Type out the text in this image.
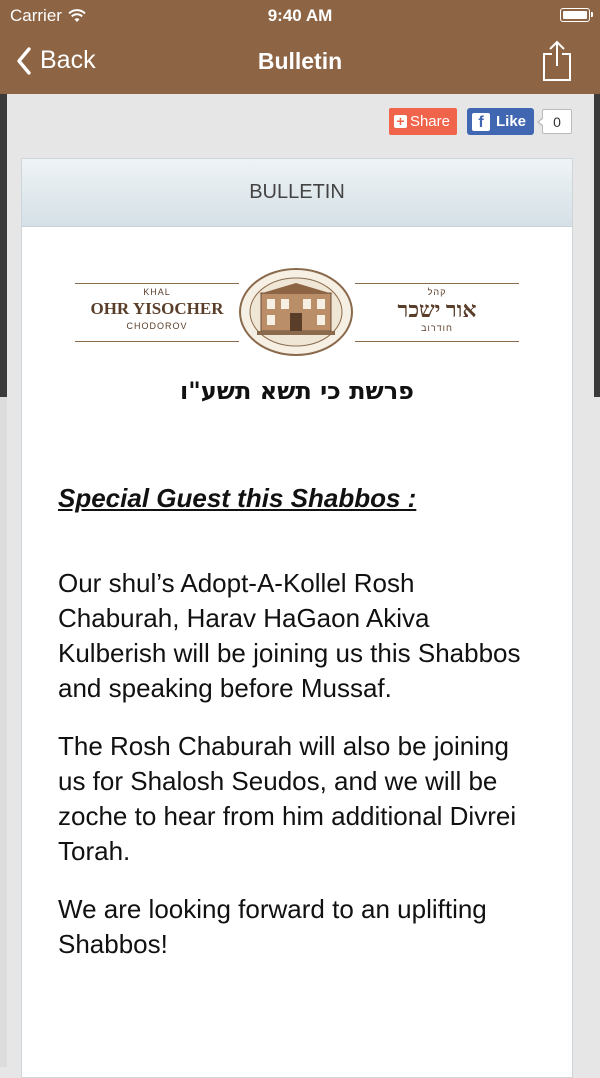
Carrier	9:40 AM
Back	Bulletin
+ Share	f Like	0
BULLETIN
KHAL
OHR YISOCHER
CHODOROV
קהל
אור ישכר
חודרוב
פרשת כי תשא תשע"ו
Special Guest this Shabbos :

Our shul’s Adopt-A-Kollel Rosh Chaburah, Harav HaGaon Akiva Kulberish will be joining us this Shabbos and speaking before Mussaf.

The Rosh Chaburah will also be joining us for Shalosh Seudos, and we will be zoche to hear from him additional Divrei Torah.

We are looking forward to an uplifting Shabbos!
